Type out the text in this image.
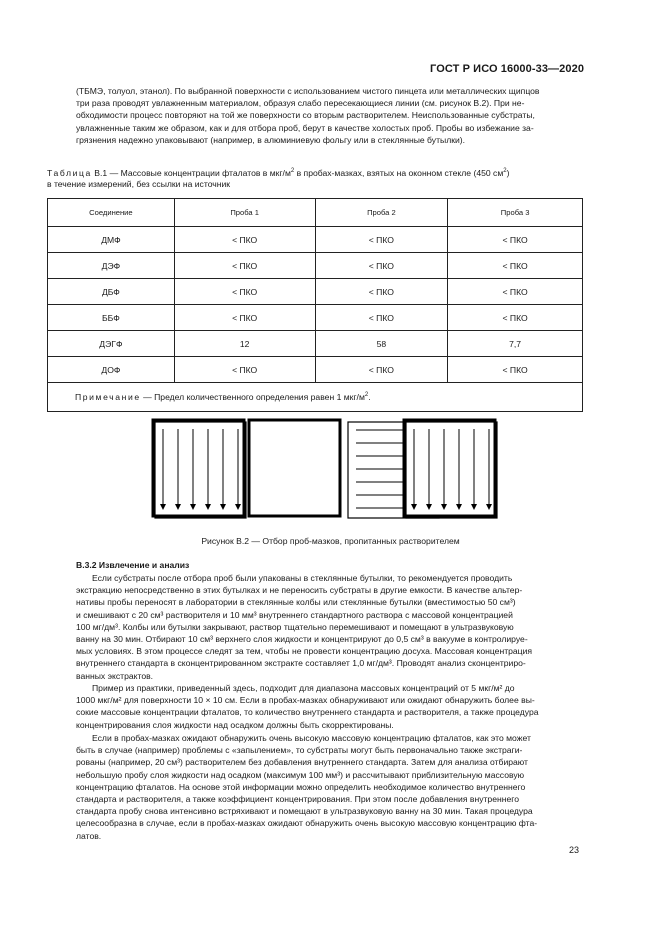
ГОСТ Р ИСО 16000-33—2020

(ТБМЭ, толуол, этанол). По выбранной поверхности с использованием чистого пинцета или металлических щипцов

три раза проводят увлажненным материалом, образуя слабо пересекающиеся линии (см. рисунок В.2). При не-

обходимости процесс повторяют на той же поверхности со вторым растворителем. Неиспользованные субстраты,

увлажненные таким же образом, как и для отбора проб, берут в качестве холостых проб. Пробы во избежание за-

грязнения надежно упаковывают (например, в алюминиевую фольгу или в стеклянные бутылки).

Таблица В.1 — Массовые концентрации фталатов в мкг/$м^2$ в пробах-мазках, взятых на оконном стекле (450 $см^2$)
в течение измерений, без ссылки на источник
Соединение	Проба 1	Проба 2	Проба 3
ДМФ	< ПКО	< ПКО	< ПКО
ДЭФ	< ПКО	< ПКО	< ПКО
ДБФ	< ПКО	< ПКО	< ПКО
ББФ	< ПКО	< ПКО	< ПКО
ДЭГФ	12	58	7,7
ДОФ	< ПКО	< ПКО	< ПКО
Примечание — Предел количественного определения равен 1 мкг/$м^2$.			
Рисунок В.2 — Отбор проб-мазков, пропитанных растворителем
В.3.2 Извлечение и анализ

Если субстраты после отбора проб были упакованы в стеклянные бутылки, то рекомендуется проводить

экстракцию непосредственно в этих бутылках и не переносить субстраты в другие емкости. В качестве альтер-

нативы пробы переносят в лаборатории в стеклянные колбы или стеклянные бутылки (вместимостью 50 см³)

и смешивают с 20 см³ растворителя и 10 мм³ внутреннего стандартного раствора с массовой концентрацией

100 мг/дм³. Колбы или бутылки закрывают, раствор тщательно перемешивают и помещают в ультразвуковую

ванну на 30 мин. Отбирают 10 см³ верхнего слоя жидкости и концентрируют до 0,5 см³ в вакууме в контролируе-

мых условиях. В этом процессе следят за тем, чтобы не провести концентрацию досуха. Массовая концентрация

внутреннего стандарта в сконцентрированном экстракте составляет 1,0 мг/дм³. Проводят анализ сконцентриро-

ванных экстрактов.

Пример из практики, приведенный здесь, подходит для диапазона массовых концентраций от 5 мкг/м² до

1000 мкг/м² для поверхности 10 × 10 см. Если в пробах-мазках обнаруживают или ожидают обнаружить более вы-

сокие массовые концентрации фталатов, то количество внутреннего стандарта и растворителя, а также процедура

концентрирования слоя жидкости над осадком должны быть скорректированы.

Если в пробах-мазках ожидают обнаружить очень высокую массовую концентрацию фталатов, как это может

быть в случае (например) проблемы с «запылением», то субстраты могут быть первоначально также экстраги-

рованы (например, 20 см³) растворителем без добавления внутреннего стандарта. Затем для анализа отбирают

небольшую пробу слоя жидкости над осадком (максимум 100 мм³) и рассчитывают приблизительную массовую

концентрацию фталатов. На основе этой информации можно определить необходимое количество внутреннего

стандарта и растворителя, а также коэффициент концентрирования. При этом после добавления внутреннего

стандарта пробу снова интенсивно встряхивают и помещают в ультразвуковую ванну на 30 мин. Такая процедура

целесообразна в случае, если в пробах-мазках ожидают обнаружить очень высокую массовую концентрацию фта-

латов.

23
